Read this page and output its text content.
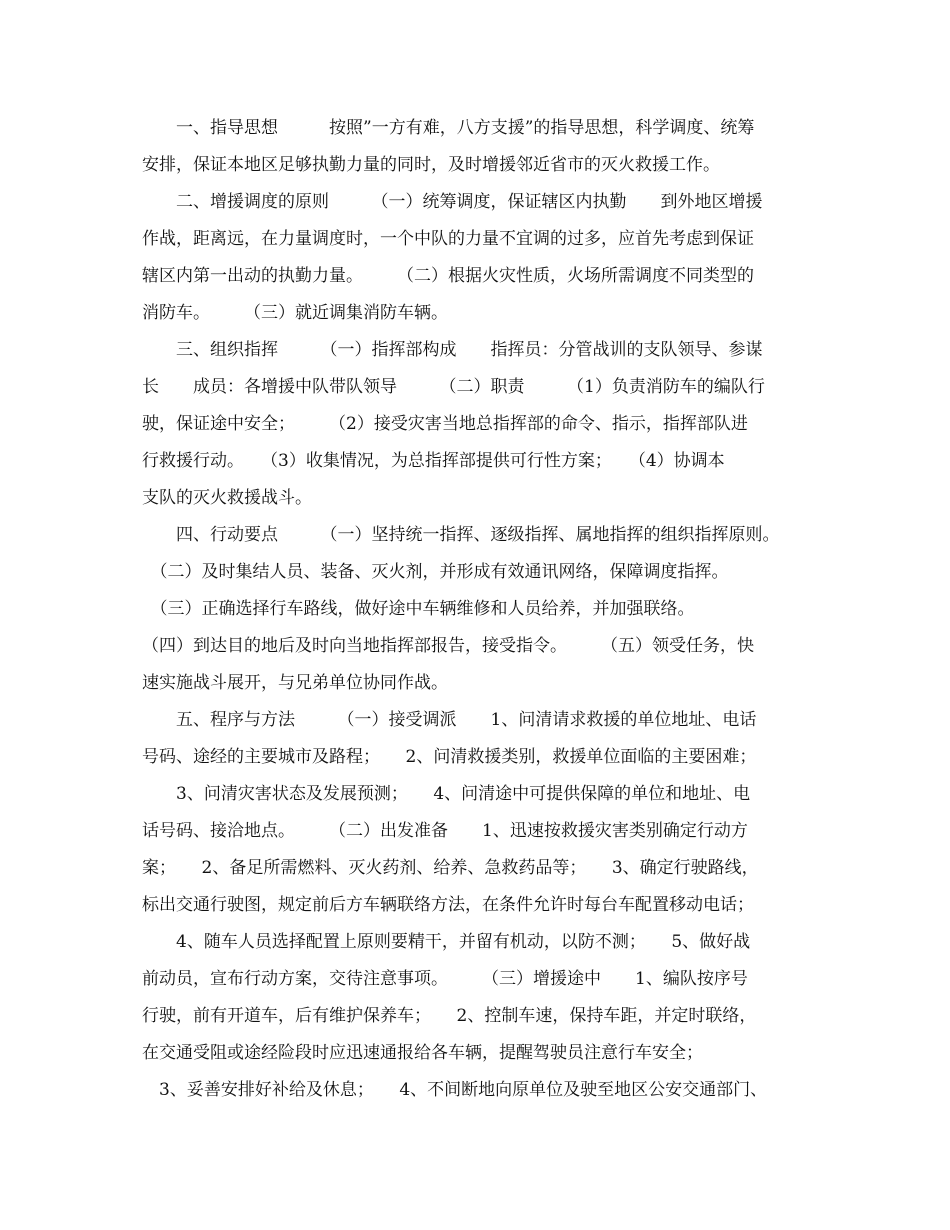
　　一、指导思想　　　按照”一方有难，八方支援”的指导思想，科学调度、统筹
安排，保证本地区足够执勤力量的同时，及时增援邻近省市的灭火救援工作。
　　二、增援调度的原则　　　（一）统筹调度，保证辖区内执勤　　到外地区增援
作战，距离远，在力量调度时，一个中队的力量不宜调的过多，应首先考虑到保证
辖区内第一出动的执勤力量。　　　（二）根据火灾性质，火场所需调度不同类型的
消防车。　　　（三）就近调集消防车辆。
　　三、组织指挥　　　（一）指挥部构成　　指挥员：分管战训的支队领导、参谋
长　　成员：各增援中队带队领导　　　（二）职责　　　（1）负责消防车的编队行
驶，保证途中安全；　　　（2）接受灾害当地总指挥部的命令、指示，指挥部队进
行救援行动。　　（3）收集情况，为总指挥部提供可行性方案；　　（4）协调本
支队的灭火救援战斗。
　　四、行动要点　　　（一）坚持统一指挥、逐级指挥、属地指挥的组织指挥原则。
　（二）及时集结人员、装备、灭火剂，并形成有效通讯网络，保障调度指挥。
　（三）正确选择行车路线，做好途中车辆维修和人员给养，并加强联络。
（四）到达目的地后及时向当地指挥部报告，接受指令。　　　（五）领受任务，快
速实施战斗展开，与兄弟单位协同作战。
　　五、程序与方法　　　（一）接受调派　　1、问清请求救援的单位地址、电话
号码、途经的主要城市及路程；　　2、问清救援类别，救援单位面临的主要困难；
　　3、问清灾害状态及发展预测；　　4、问清途中可提供保障的单位和地址、电
话号码、接洽地点。　　　（二）出发准备　　1、迅速按救援灾害类别确定行动方
案；　　2、备足所需燃料、灭火药剂、给养、急救药品等；　　3、确定行驶路线，
标出交通行驶图，规定前后方车辆联络方法，在条件允许时每台车配置移动电话；
　　4、随车人员选择配置上原则要精干，并留有机动，以防不测；　　5、做好战
前动员，宣布行动方案，交待注意事项。　　　（三）增援途中　　1、编队按序号
行驶，前有开道车，后有维护保养车；　　2、控制车速，保持车距，并定时联络，
在交通受阻或途经险段时应迅速通报给各车辆，提醒驾驶员注意行车安全；
　3、妥善安排好补给及休息；　　4、不间断地向原单位及驶至地区公安交通部门、
